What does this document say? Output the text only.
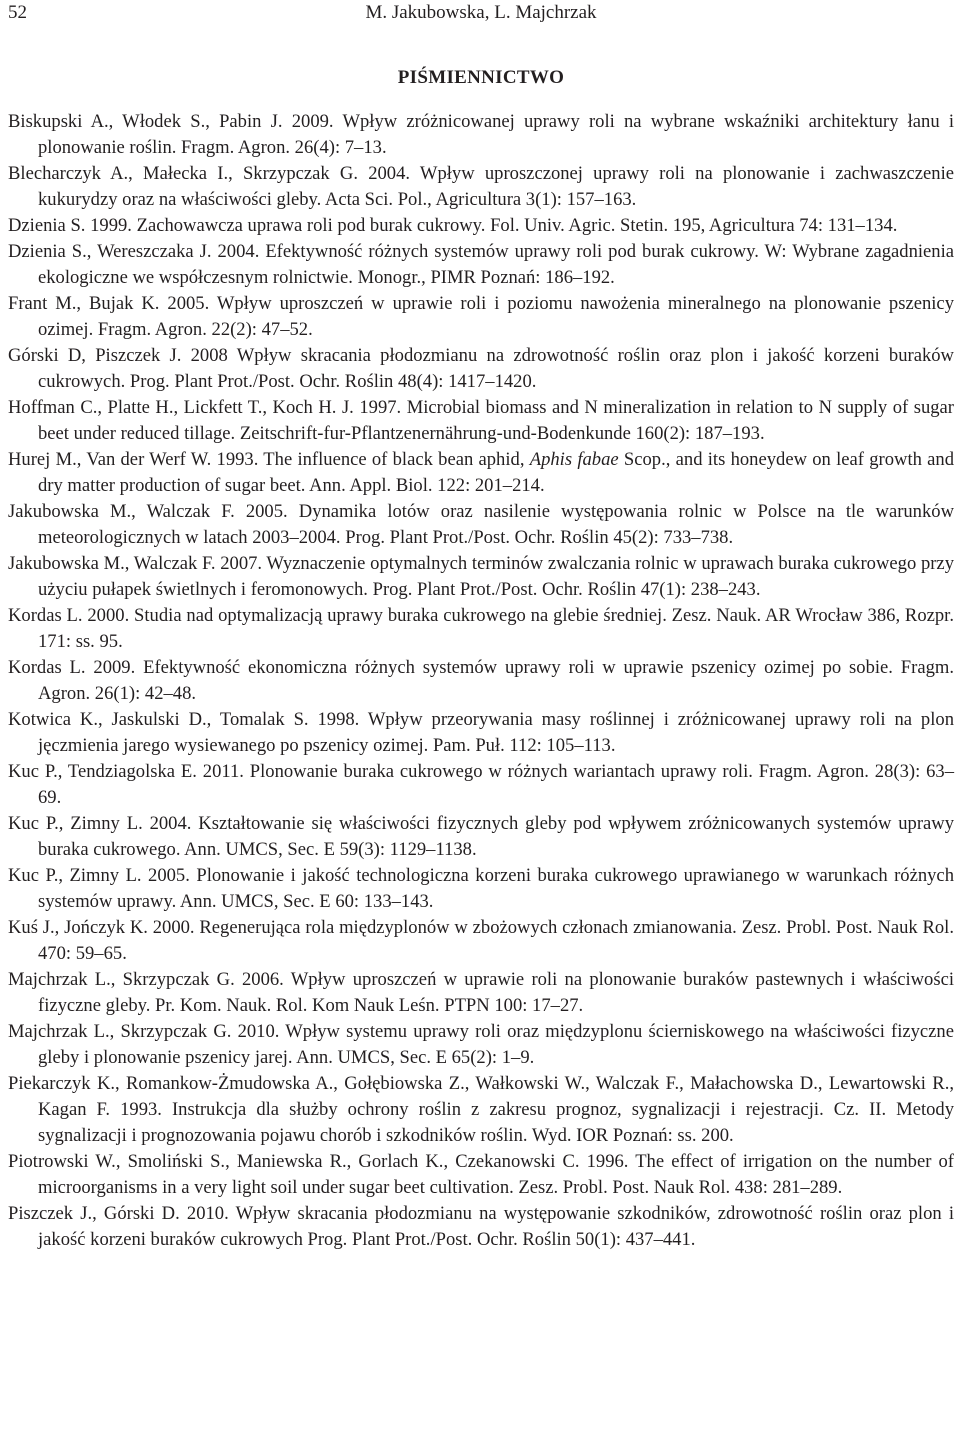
52	M. Jakubowska, L. Majchrzak
PIŚMIENNICTWO
Biskupski A., Włodek S., Pabin J. 2009. Wpływ zróżnicowanej uprawy roli na wybrane wskaźniki architektury łanu i plonowanie roślin. Fragm. Agron. 26(4): 7–13.
Blecharczyk A., Małecka I., Skrzypczak G. 2004. Wpływ uproszczonej uprawy roli na plonowanie i zachwaszczenie kukurydzy oraz na właściwości gleby. Acta Sci. Pol., Agricultura 3(1): 157–163.
Dzienia S. 1999. Zachowawcza uprawa roli pod burak cukrowy. Fol. Univ. Agric. Stetin. 195, Agricultura 74: 131–134.
Dzienia S., Wereszczaka J. 2004. Efektywność różnych systemów uprawy roli pod burak cukrowy. W: Wybrane zagadnienia ekologiczne we współczesnym rolnictwie. Monogr., PIMR Poznań: 186–192.
Frant M., Bujak K. 2005. Wpływ uproszczeń w uprawie roli i poziomu nawożenia mineralnego na plonowanie pszenicy ozimej. Fragm. Agron. 22(2): 47–52.
Górski D, Piszczek J. 2008 Wpływ skracania płodozmianu na zdrowotność roślin oraz plon i jakość korzeni buraków cukrowych. Prog. Plant Prot./Post. Ochr. Roślin 48(4): 1417–1420.
Hoffman C., Platte H., Lickfett T., Koch H. J. 1997. Microbial biomass and N mineralization in relation to N supply of sugar beet under reduced tillage. Zeitschrift-fur-Pflantzenernährung-und-Bodenkunde 160(2): 187–193.
Hurej M., Van der Werf W. 1993. The influence of black bean aphid, Aphis fabae Scop., and its honeydew on leaf growth and dry matter production of sugar beet. Ann. Appl. Biol. 122: 201–214.
Jakubowska M., Walczak F. 2005. Dynamika lotów oraz nasilenie występowania rolnic w Polsce na tle warunków meteorologicznych w latach 2003–2004. Prog. Plant Prot./Post. Ochr. Roślin 45(2): 733–738.
Jakubowska M., Walczak F. 2007. Wyznaczenie optymalnych terminów zwalczania rolnic w uprawach buraka cukrowego przy użyciu pułapek świetlnych i feromonowych. Prog. Plant Prot./Post. Ochr. Roślin 47(1): 238–243.
Kordas L. 2000. Studia nad optymalizacją uprawy buraka cukrowego na glebie średniej. Zesz. Nauk. AR Wrocław 386, Rozpr. 171: ss. 95.
Kordas L. 2009. Efektywność ekonomiczna różnych systemów uprawy roli w uprawie pszenicy ozimej po sobie. Fragm. Agron. 26(1): 42–48.
Kotwica K., Jaskulski D., Tomalak S. 1998. Wpływ przeorywania masy roślinnej i zróżnicowanej uprawy roli na plon jęczmienia jarego wysiewanego po pszenicy ozimej. Pam. Puł. 112: 105–113.
Kuc P., Tendziagolska E. 2011. Plonowanie buraka cukrowego w różnych wariantach uprawy roli. Fragm. Agron. 28(3): 63–69.
Kuc P., Zimny L. 2004. Kształtowanie się właściwości fizycznych gleby pod wpływem zróżnicowanych systemów uprawy buraka cukrowego. Ann. UMCS, Sec. E 59(3): 1129–1138.
Kuc P., Zimny L. 2005. Plonowanie i jakość technologiczna korzeni buraka cukrowego uprawianego w warunkach różnych systemów uprawy. Ann. UMCS, Sec. E 60: 133–143.
Kuś J., Jończyk K. 2000. Regenerująca rola międzyplonów w zbożowych członach zmianowania. Zesz. Probl. Post. Nauk Rol. 470: 59–65.
Majchrzak L., Skrzypczak G. 2006. Wpływ uproszczeń w uprawie roli na plonowanie buraków pastewnych i właściwości fizyczne gleby. Pr. Kom. Nauk. Rol. Kom Nauk Leśn. PTPN 100: 17–27.
Majchrzak L., Skrzypczak G. 2010. Wpływ systemu uprawy roli oraz międzyplonu ścierniskowego na właściwości fizyczne gleby i plonowanie pszenicy jarej. Ann. UMCS, Sec. E 65(2): 1–9.
Piekarczyk K., Romankow-Żmudowska A., Gołębiowska Z., Wałkowski W., Walczak F., Małachowska D., Lewartowski R., Kagan F. 1993. Instrukcja dla służby ochrony roślin z zakresu prognoz, sygnalizacji i rejestracji. Cz. II. Metody sygnalizacji i prognozowania pojawu chorób i szkodników roślin. Wyd. IOR Poznań: ss. 200.
Piotrowski W., Smoliński S., Maniewska R., Gorlach K., Czekanowski C. 1996. The effect of irrigation on the number of microorganisms in a very light soil under sugar beet cultivation. Zesz. Probl. Post. Nauk Rol. 438: 281–289.
Piszczek J., Górski D. 2010. Wpływ skracania płodozmianu na występowanie szkodników, zdrowotność roślin oraz plon i jakość korzeni buraków cukrowych Prog. Plant Prot./Post. Ochr. Roślin 50(1): 437–441.
